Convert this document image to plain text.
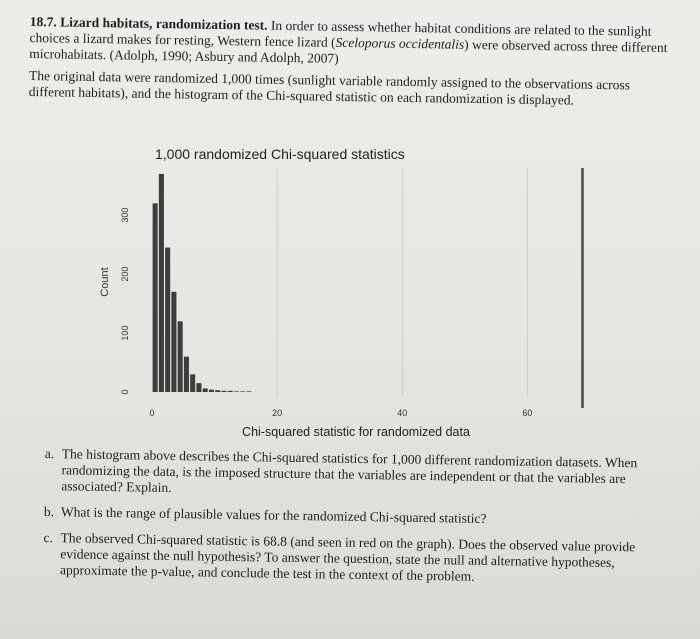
18.7. Lizard habitats, randomization test. In order to assess whether habitat conditions are related to the sunlight choices a lizard makes for resting, Western fence lizard (Sceloporus occidentalis) were observed across three different microhabitats. (Adolph, 1990; Asbury and Adolph, 2007)

The original data were randomized 1,000 times (sunlight variable randomly assigned to the observations across different habitats), and the histogram of the Chi-squared statistic on each randomization is displayed.

1,000 randomized Chi-squared statistics
0
100
200
300
Count
0	20	40	60
Chi-squared statistic for randomized data
a. The histogram above describes the Chi-squared statistics for 1,000 different randomization datasets. When randomizing the data, is the imposed structure that the variables are independent or that the variables are associated? Explain.
b. What is the range of plausible values for the randomized Chi-squared statistic?
c. The observed Chi-squared statistic is 68.8 (and seen in red on the graph). Does the observed value provide evidence against the null hypothesis? To answer the question, state the null and alternative hypotheses, approximate the p-value, and conclude the test in the context of the problem.
